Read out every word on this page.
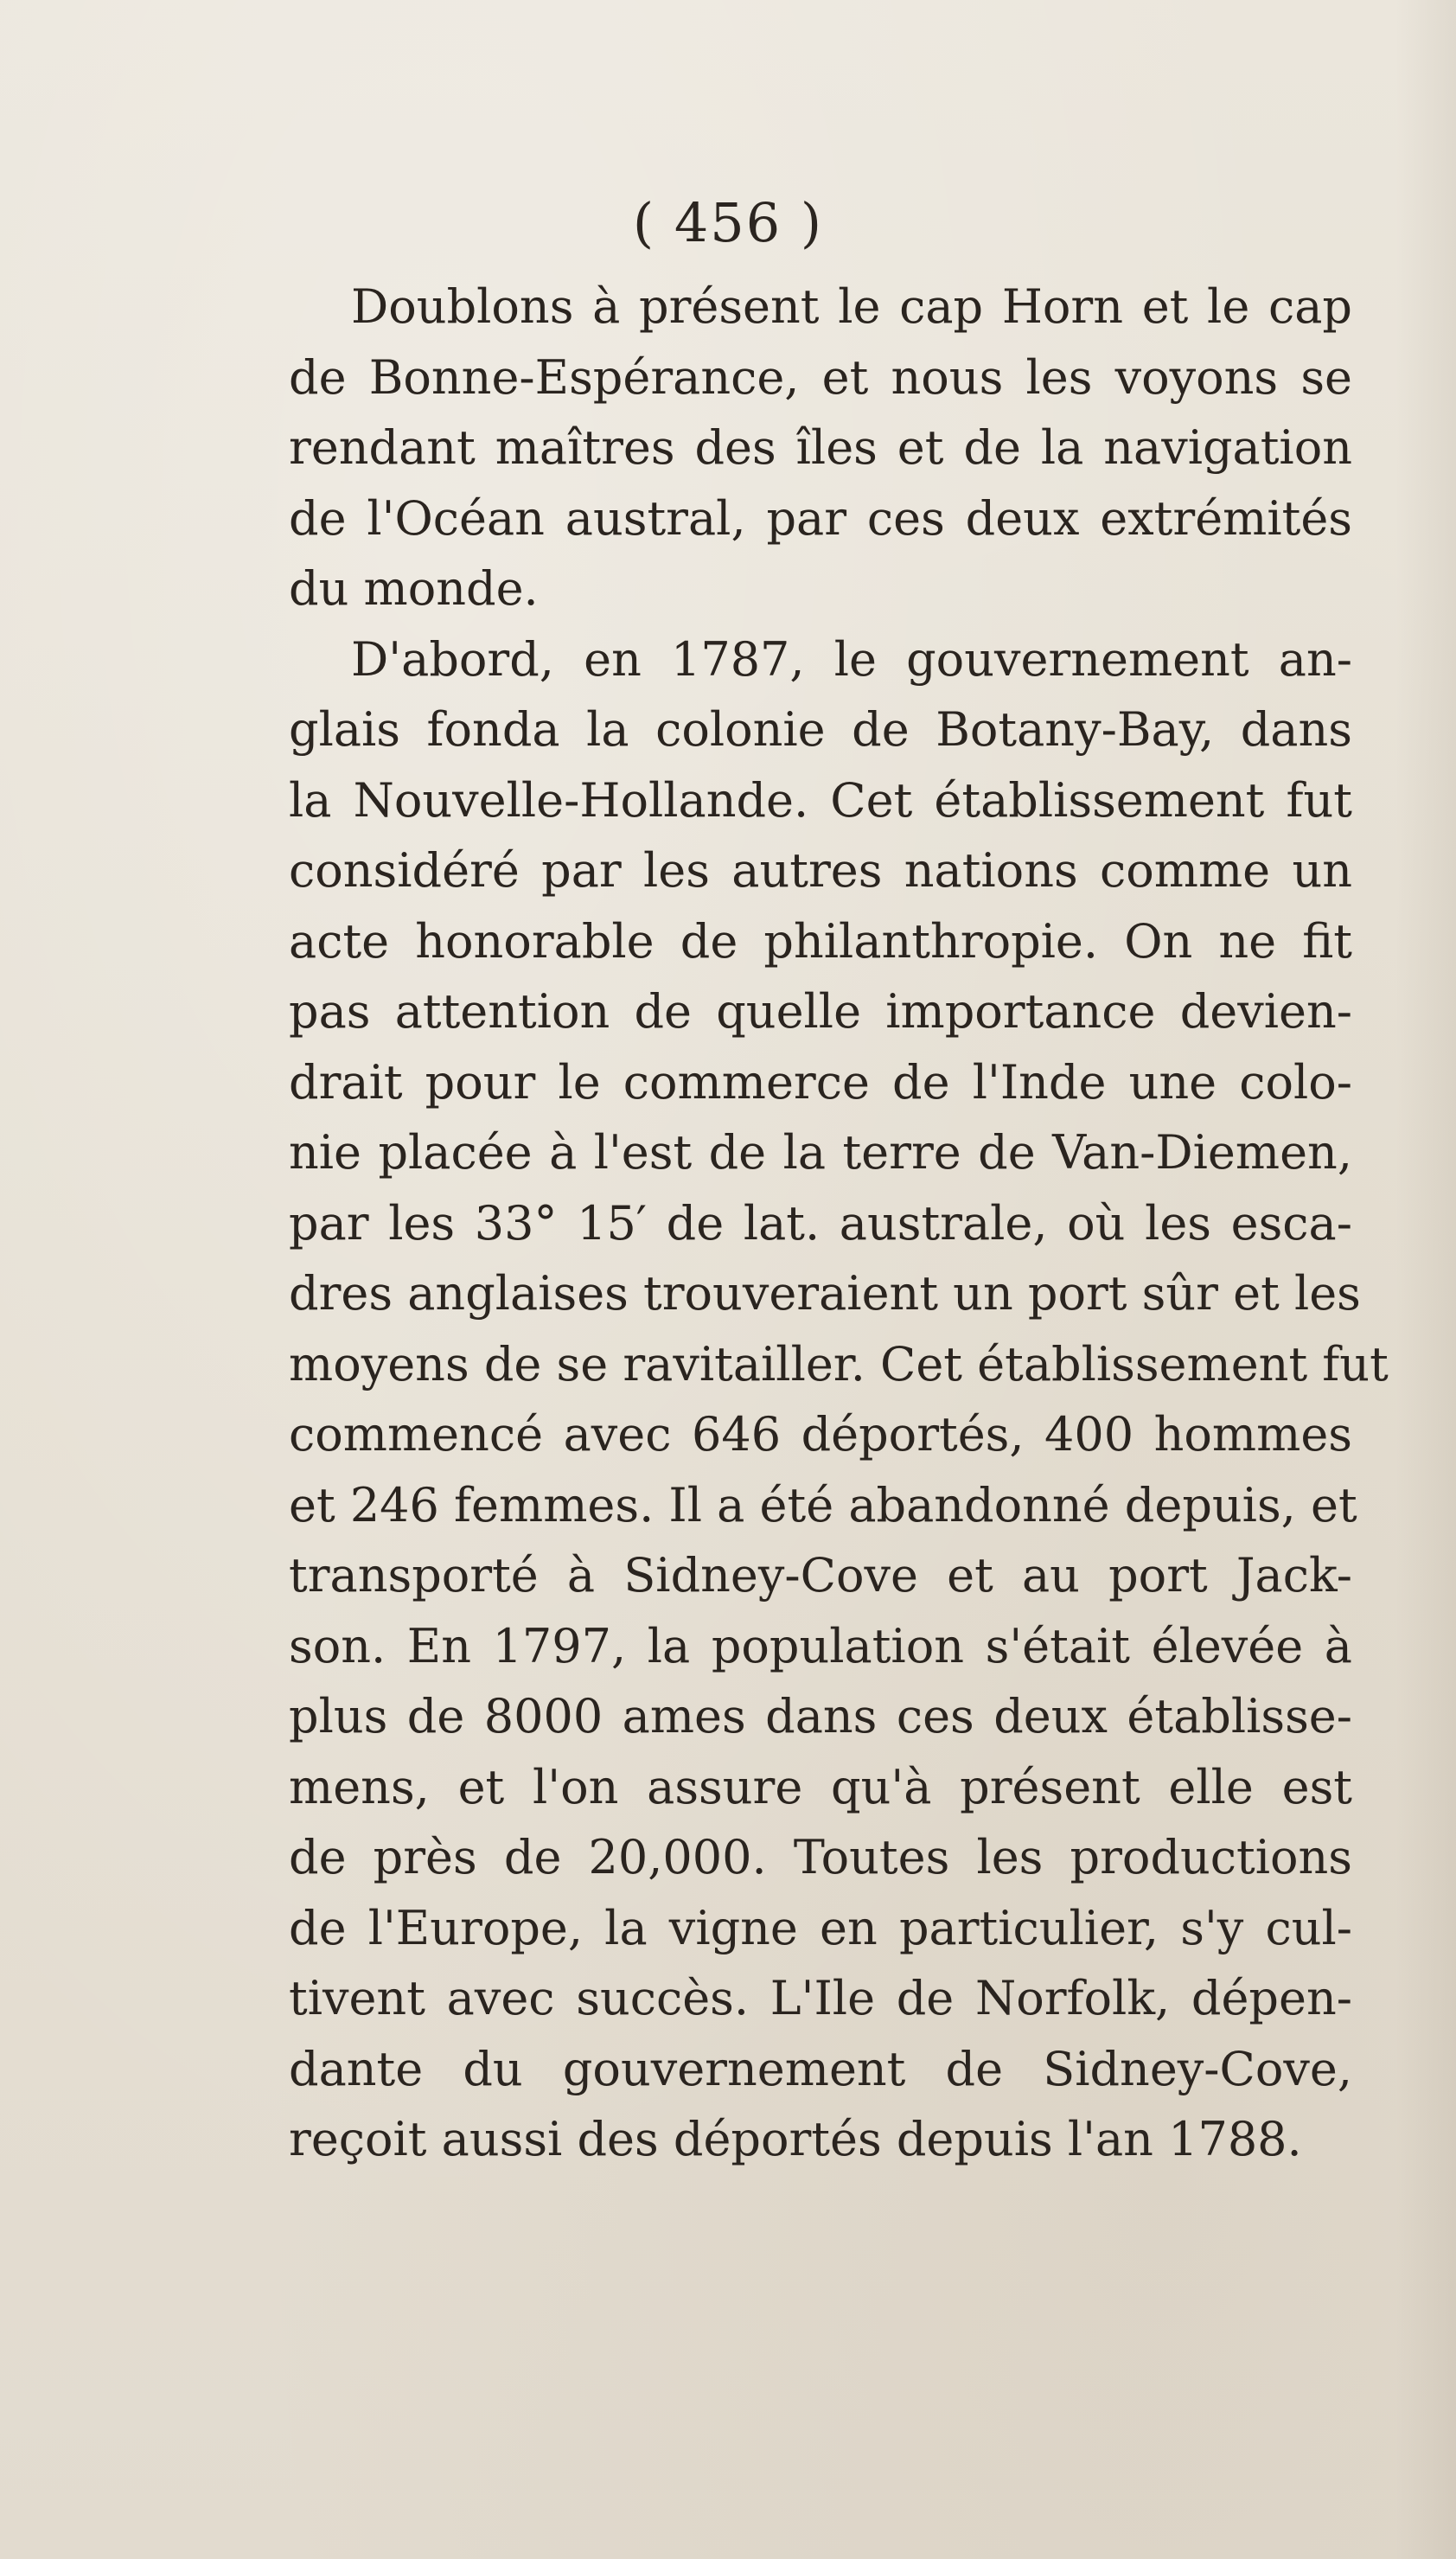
( 456 )
Doublons à présent le cap Horn et le cap
de Bonne-Espérance, et nous les voyons se
rendant maîtres des îles et de la navigation
de l'Océan austral, par ces deux extrémités
du monde.
D'abord, en 1787, le gouvernement an-
glais fonda la colonie de Botany-Bay, dans
la Nouvelle-Hollande. Cet établissement fut
considéré par les autres nations comme un
acte honorable de philanthropie. On ne fit
pas attention de quelle importance devien-
drait pour le commerce de l'Inde une colo-
nie placée à l'est de la terre de Van-Diemen,
par les 33° 15′ de lat. australe, où les esca-
dres anglaises trouveraient un port sûr et les
moyens de se ravitailler. Cet établissement fut
commencé avec 646 déportés, 400 hommes
et 246 femmes. Il a été abandonné depuis, et
transporté à Sidney-Cove et au port Jack-
son. En 1797, la population s'était élevée à
plus de 8000 ames dans ces deux établisse-
mens, et l'on assure qu'à présent elle est
de près de 20,000. Toutes les productions
de l'Europe, la vigne en particulier, s'y cul-
tivent avec succès. L'Ile de Norfolk, dépen-
dante du gouvernement de Sidney-Cove,
reçoit aussi des déportés depuis l'an 1788.
